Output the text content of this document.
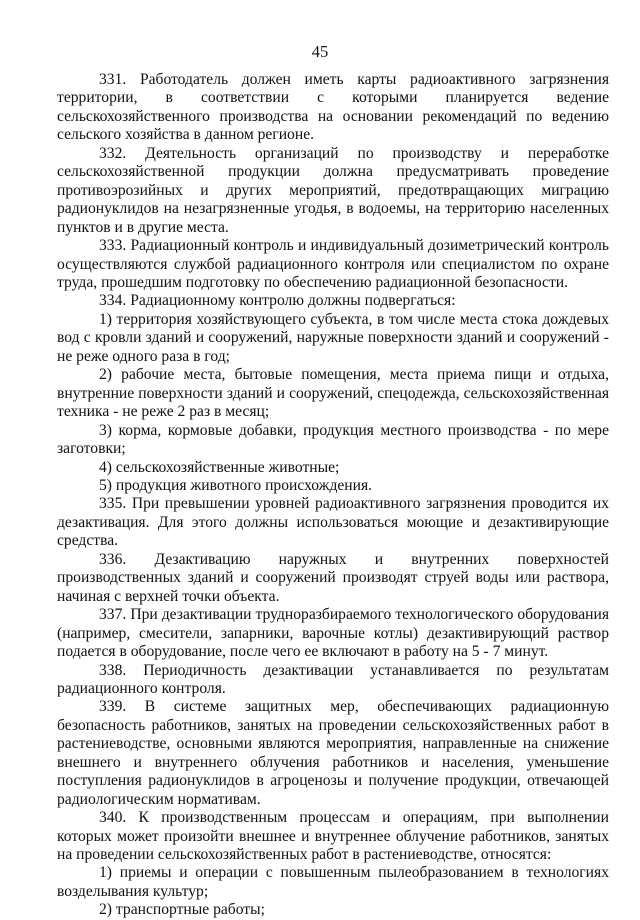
45

331. Работодатель должен иметь карты радиоактивного загрязнения территории, в соответствии с которыми планируется ведение сельскохозяйственного производства на основании рекомендаций по ведению сельского хозяйства в данном регионе.

332. Деятельность организаций по производству и переработке сельскохозяйственной продукции должна предусматривать проведение противоэрозийных и других мероприятий, предотвращающих миграцию радионуклидов на незагрязненные угодья, в водоемы, на территорию населенных пунктов и в другие места.

333. Радиационный контроль и индивидуальный дозиметрический контроль осуществляются службой радиационного контроля или специалистом по охране труда, прошедшим подготовку по обеспечению радиационной безопасности.

334. Радиационному контролю должны подвергаться:

1) территория хозяйствующего субъекта, в том числе места стока дождевых вод с кровли зданий и сооружений, наружные поверхности зданий и сооружений - не реже одного раза в год;

2) рабочие места, бытовые помещения, места приема пищи и отдыха, внутренние поверхности зданий и сооружений, спецодежда, сельскохозяйственная техника - не реже 2 раз в месяц;

3) корма, кормовые добавки, продукция местного производства - по мере заготовки;

4) сельскохозяйственные животные;

5) продукция животного происхождения.

335. При превышении уровней радиоактивного загрязнения проводится их дезактивация. Для этого должны использоваться моющие и дезактивирующие средства.

336. Дезактивацию наружных и внутренних поверхностей производственных зданий и сооружений производят струей воды или раствора, начиная с верхней точки объекта.

337. При дезактивации трудноразбираемого технологического оборудования (например, смесители, запарники, варочные котлы) дезактивирующий раствор подается в оборудование, после чего ее включают в работу на 5 - 7 минут.

338. Периодичность дезактивации устанавливается по результатам радиационного контроля.

339. В системе защитных мер, обеспечивающих радиационную безопасность работников, занятых на проведении сельскохозяйственных работ в растениеводстве, основными являются мероприятия, направленные на снижение внешнего и внутреннего облучения работников и населения, уменьшение поступления радионуклидов в агроценозы и получение продукции, отвечающей радиологическим нормативам.

340. К производственным процессам и операциям, при выполнении которых может произойти внешнее и внутреннее облучение работников, занятых на проведении сельскохозяйственных работ в растениеводстве, относятся:

1) приемы и операции с повышенным пылеобразованием в технологиях возделывания культур;

2) транспортные работы;
